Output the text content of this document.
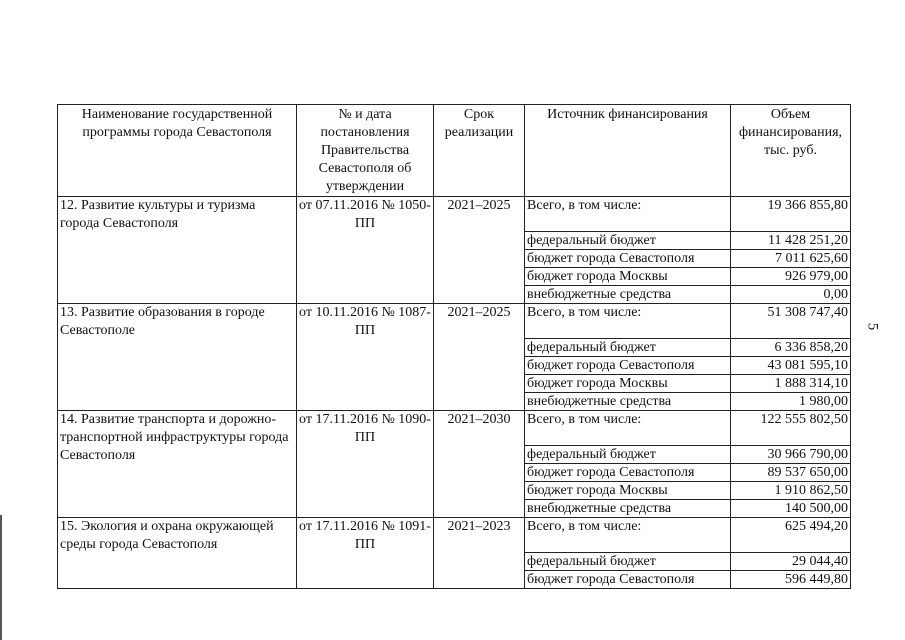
5
Наименование государственной программы города Севастополя	№ и дата постановления Правительства Севастополя об утверждении	Срок реализации	Источник финансирования	Объем финансирования, тыс. руб.
12. Развитие культуры и туризма города Севастополя	от 07.11.2016 № 1050-ПП	2021–2025	Всего, в том числе:	19 366 855,80
			федеральный бюджет	11 428 251,20
			бюджет города Севастополя	7 011 625,60
			бюджет города Москвы	926 979,00
			внебюджетные средства	0,00
13. Развитие образования в городе Севастополе	от 10.11.2016 № 1087-ПП	2021–2025	Всего, в том числе:	51 308 747,40
			федеральный бюджет	6 336 858,20
			бюджет города Севастополя	43 081 595,10
			бюджет города Москвы	1 888 314,10
			внебюджетные средства	1 980,00
14. Развитие транспорта и дорожно-транспортной инфраструктуры города Севастополя	от 17.11.2016 № 1090-ПП	2021–2030	Всего, в том числе:	122 555 802,50
			федеральный бюджет	30 966 790,00
			бюджет города Севастополя	89 537 650,00
			бюджет города Москвы	1 910 862,50
			внебюджетные средства	140 500,00
15. Экология и охрана окружающей среды города Севастополя	от 17.11.2016 № 1091-ПП	2021–2023	Всего, в том числе:	625 494,20
			федеральный бюджет	29 044,40
			бюджет города Севастополя	596 449,80
